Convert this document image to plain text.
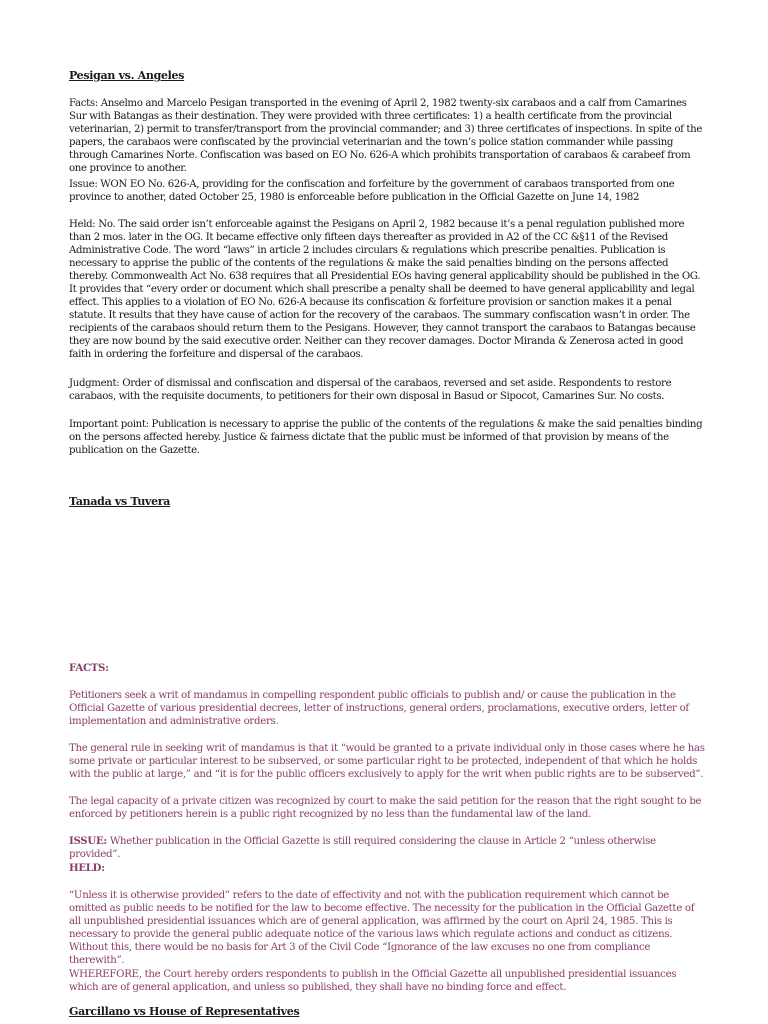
Pesigan vs. Angeles

Facts: Anselmo and Marcelo Pesigan transported in the evening of April 2, 1982 twenty-six carabaos and a calf from Camarines Sur with Batangas as their destination. They were provided with three certificates: 1) a health certificate from the provincial veterinarian, 2) permit to transfer/transport from the provincial commander; and 3) three certificates of inspections. In spite of the papers, the carabaos were confiscated by the provincial veterinarian and the town’s police station commander while passing through Camarines Norte. Confiscation was based on EO No. 626-A which prohibits transportation of carabaos & carabeef from one province to another.

Issue: WON EO No. 626-A, providing for the confiscation and forfeiture by the government of carabaos transported from one province to another, dated October 25, 1980 is enforceable before publication in the Official Gazette on June 14, 1982

Held: No. The said order isn’t enforceable against the Pesigans on April 2, 1982 because it’s a penal regulation published more than 2 mos. later in the OG. It became effective only fifteen days thereafter as provided in A2 of the CC &§11 of the Revised Administrative Code. The word “laws” in article 2 includes circulars & regulations which prescribe penalties. Publication is necessary to apprise the public of the contents of the regulations & make the said penalties binding on the persons affected thereby. Commonwealth Act No. 638 requires that all Presidential EOs having general applicability should be published in the OG. It provides that “every order or document which shall prescribe a penalty shall be deemed to have general applicability and legal effect. This applies to a violation of EO No. 626-A because its confiscation & forfeiture provision or sanction makes it a penal statute. It results that they have cause of action for the recovery of the carabaos. The summary confiscation wasn’t in order. The recipients of the carabaos should return them to the Pesigans. However, they cannot transport the carabaos to Batangas because they are now bound by the said executive order. Neither can they recover damages. Doctor Miranda & Zenerosa acted in good faith in ordering the forfeiture and dispersal of the carabaos.

Judgment: Order of dismissal and confiscation and dispersal of the carabaos, reversed and set aside. Respondents to restore carabaos, with the requisite documents, to petitioners for their own disposal in Basud or Sipocot, Camarines Sur. No costs.

Important point: Publication is necessary to apprise the public of the contents of the regulations & make the said penalties binding on the persons affected hereby. Justice & fairness dictate that the public must be informed of that provision by means of the publication on the Gazette.

Tanada vs Tuvera

FACTS:

Petitioners seek a writ of mandamus in compelling respondent public officials to publish and/ or cause the publication in the Official Gazette of various presidential decrees, letter of instructions, general orders, proclamations, executive orders, letter of implementation and administrative orders.

The general rule in seeking writ of mandamus is that it “would be granted to a private individual only in those cases where he has some private or particular interest to be subserved, or some particular right to be protected, independent of that which he holds with the public at large,” and “it is for the public officers exclusively to apply for the writ when public rights are to be subserved”.

The legal capacity of a private citizen was recognized by court to make the said petition for the reason that the right sought to be enforced by petitioners herein is a public right recognized by no less than the fundamental law of the land.

ISSUE: Whether publication in the Official Gazette is still required considering the clause in Article 2 “unless otherwise provided”.

HELD:

“Unless it is otherwise provided” refers to the date of effectivity and not with the publication requirement which cannot be omitted as public needs to be notified for the law to become effective. The necessity for the publication in the Official Gazette of all unpublished presidential issuances which are of general application, was affirmed by the court on April 24, 1985. This is necessary to provide the general public adequate notice of the various laws which regulate actions and conduct as citizens. Without this, there would be no basis for Art 3 of the Civil Code “Ignorance of the law excuses no one from compliance therewith”.

WHEREFORE, the Court hereby orders respondents to publish in the Official Gazette all unpublished presidential issuances which are of general application, and unless so published, they shall have no binding force and effect.

Garcillano vs House of Representatives
